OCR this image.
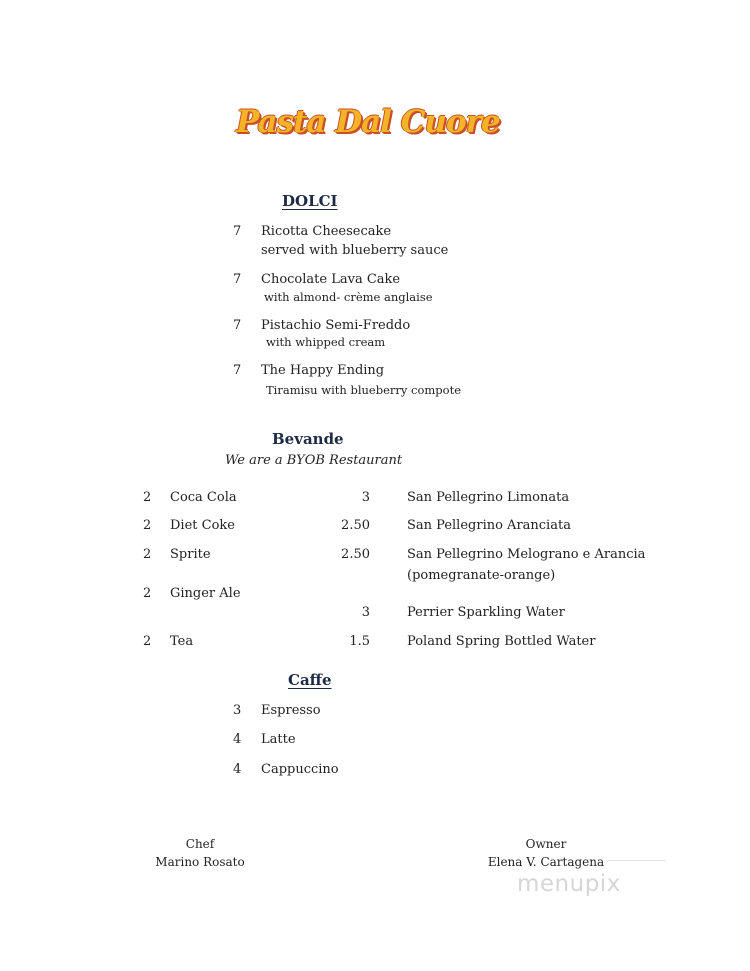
Pasta Dal Cuore
DOLCI
7 Ricotta Cheesecake
served with blueberry sauce
7 Chocolate Lava Cake
with almond- crème anglaise
7 Pistachio Semi-Freddo
with whipped cream
7 The Happy Ending
Tiramisu with blueberry compote
Bevande
We are a BYOB Restaurant
2 Coca Cola
2 Diet Coke
2 Sprite
2 Ginger Ale
2 Tea
3	San Pellegrino Limonata
2.50	San Pellegrino Aranciata
2.50	San Pellegrino Melograno e Arancia
(pomegranate-orange)
3	Perrier Sparkling Water
1.5	Poland Spring Bottled Water
Caffe
3 Espresso
4 Latte
4 Cappuccino
Chef
Marino Rosato
Owner
Elena V. Cartagena
menupix
